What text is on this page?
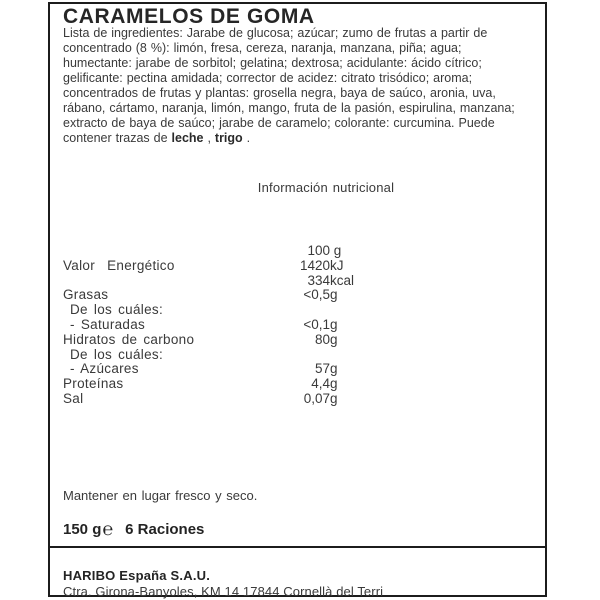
CARAMELOS DE GOMA
Lista de ingredientes: Jarabe de glucosa; azúcar; zumo de frutas a partir de
concentrado (8 %): limón, fresa, cereza, naranja, manzana, piña; agua;
humectante: jarabe de sorbitol; gelatina; dextrosa; acidulante: ácido cítrico;
gelificante: pectina amidada; corrector de acidez: citrato trisódico; aroma;
concentrados de frutas y plantas: grosella negra, baya de saúco, aronia, uva,
rábano, cártamo, naranja, limón, mango, fruta de la pasión, espirulina, manzana;
extracto de baya de saúco; jarabe de caramelo; colorante: curcumina. Puede
contener trazas de leche , trigo .
Información nutricional
100 g
Valor  Energético	1420 kJ
334 kcal
Grasas	<0,5 g
De los cuáles:
- Saturadas	<0,1 g
Hidratos de carbono	80 g
De los cuáles:
- Azúcares	57 g
Proteínas	4,4 g
Sal	0,07 g
Mantener en lugar fresco y seco.
150 g℮ 6 Raciones
HARIBO España S.A.U.
Ctra. Girona-Banyoles, KM 14 17844 Cornellà del Terri
